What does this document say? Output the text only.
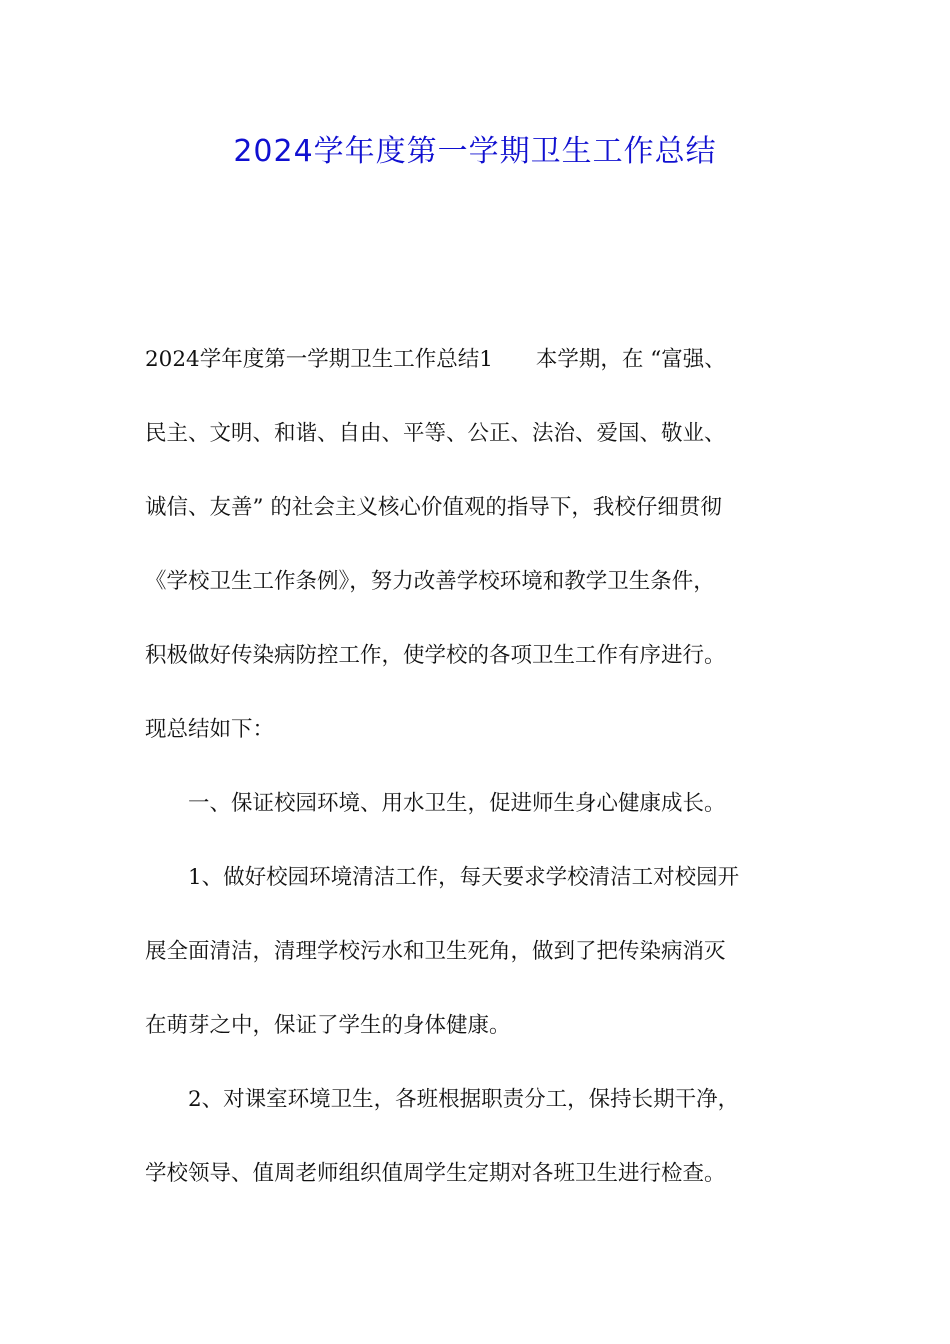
2024学年度第一学期卫生工作总结
2024学年度第一学期卫生工作总结1　　本学期，在 “富强、
民主、文明、和谐、自由、平等、公正、法治、爱国、敬业、
诚信、友善” 的社会主义核心价值观的指导下，我校仔细贯彻
《学校卫生工作条例》，努力改善学校环境和教学卫生条件，
积极做好传染病防控工作，使学校的各项卫生工作有序进行。
现总结如下：
　　一、保证校园环境、用水卫生，促进师生身心健康成长。
　　1、做好校园环境清洁工作，每天要求学校清洁工对校园开
展全面清洁，清理学校污水和卫生死角，做到了把传染病消灭
在萌芽之中，保证了学生的身体健康。
　　2、对课室环境卫生，各班根据职责分工，保持长期干净，
学校领导、值周老师组织值周学生定期对各班卫生进行检查。
